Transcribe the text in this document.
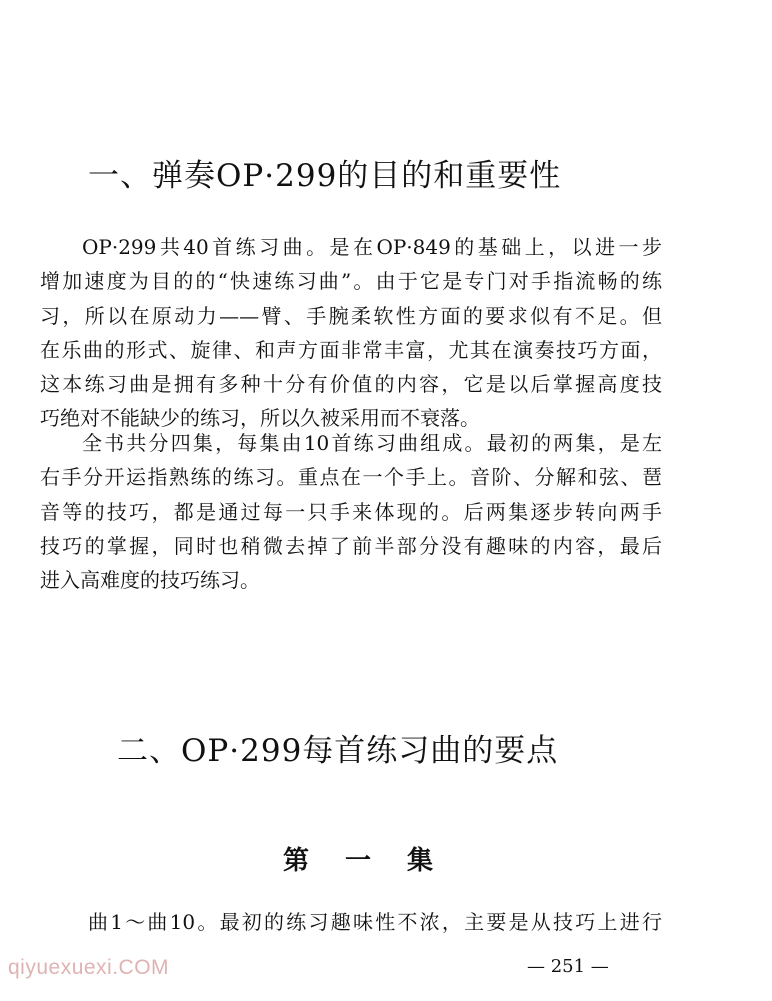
一、弹奏OP·299的目的和重要性
OP·299共40首练习曲。是在OP·849的基础上，以进一步
增加速度为目的的“快速练习曲”。由于它是专门对手指流畅的练
习，所以在原动力——臂、手腕柔软性方面的要求似有不足。但
在乐曲的形式、旋律、和声方面非常丰富，尤其在演奏技巧方面，
这本练习曲是拥有多种十分有价值的内容，它是以后掌握高度技
巧绝对不能缺少的练习，所以久被采用而不衰落。
全书共分四集，每集由10首练习曲组成。最初的两集，是左
右手分开运指熟练的练习。重点在一个手上。音阶、分解和弦、琶
音等的技巧，都是通过每一只手来体现的。后两集逐步转向两手
技巧的掌握，同时也稍微去掉了前半部分没有趣味的内容，最后
进入高难度的技巧练习。
二、OP·299每首练习曲的要点
第 一 集
曲1～曲10。最初的练习趣味性不浓，主要是从技巧上进行
— 251 —
qiyuexuexi.COM
